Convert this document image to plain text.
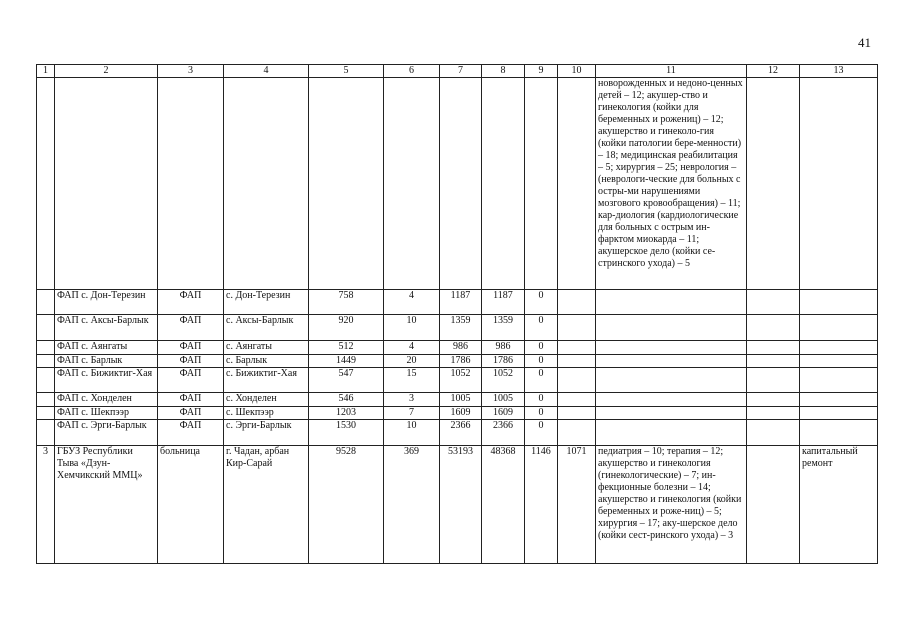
41
1	2	3	4	5	6	7	8	9	10	11	12	13
										новорожденных и недоно-ценных детей – 12; акушер-ство и гинекология (койки для беременных и рожениц) – 12; акушерство и гинеколо-гия (койки патологии бере-менности) – 18; медицинская реабилитация – 5; хирургия – 25; неврология – (неврологи-ческие для больных с остры-ми нарушениями мозгового кровообращения) – 11; кар-диология (кардиологические для больных с острым ин-фарктом миокарда – 11; акушерское дело (койки се-стринского ухода) – 5		
	ФАП с. Дон-Терезин	ФАП	с. Дон-Терезин	758	4	1187	1187	0				
	ФАП с. Аксы-Барлык	ФАП	с. Аксы-Барлык	920	10	1359	1359	0				
	ФАП с. Аянгаты	ФАП	с. Аянгаты	512	4	986	986	0				
	ФАП с. Барлык	ФАП	с. Барлык	1449	20	1786	1786	0				
	ФАП с. Бижиктиг-Хая	ФАП	с. Бижиктиг-Хая	547	15	1052	1052	0				
	ФАП с. Хонделен	ФАП	с. Хонделен	546	3	1005	1005	0				
	ФАП с. Шекпээр	ФАП	с. Шекпээр	1203	7	1609	1609	0				
	ФАП с. Эрги-Барлык	ФАП	с. Эрги-Барлык	1530	10	2366	2366	0				
3	ГБУЗ Республики Тыва «Дзун-Хемчикский ММЦ»	больница	г. Чадан, арбан Кир-Сарай	9528	369	53193	48368	1146	1071	педиатрия – 10; терапия – 12; акушерство и гинекология (гинекологические) – 7; ин-фекционные болезни – 14; акушерство и гинекология (койки беременных и роже-ниц) – 5; хирургия – 17; аку-шерское дело (койки сест-ринского ухода) – 3		капитальный ремонт
